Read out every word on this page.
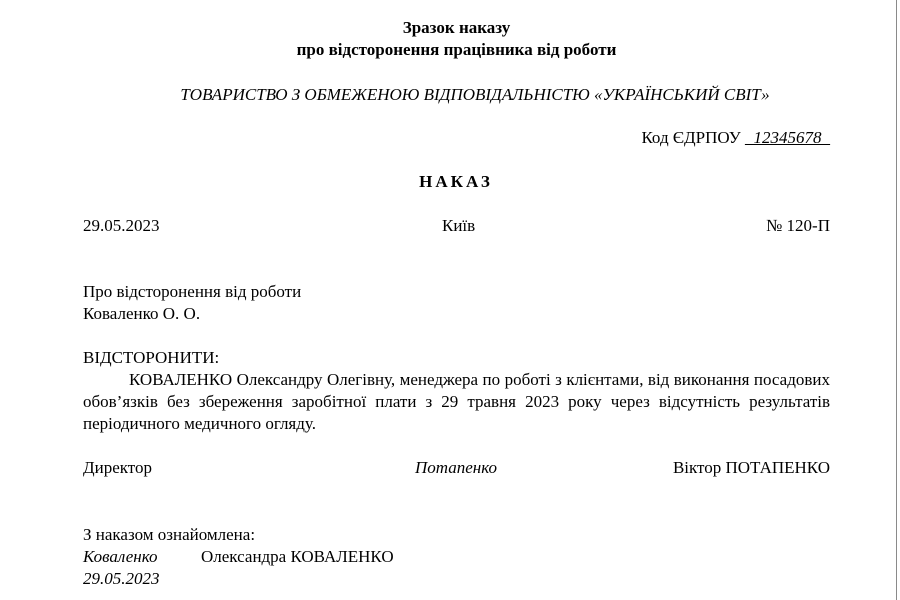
Зразок наказу
про відсторонення працівника від роботи
ТОВАРИСТВО З ОБМЕЖЕНОЮ ВІДПОВІДАЛЬНІСТЮ «УКРАЇНСЬКИЙ СВІТ»
Код ЄДРПОУ _12345678_
НАКАЗ
29.05.2023	Київ	№ 120-П
Про відсторонення від роботи
Коваленко О. О.
ВІДСТОРОНИТИ:
КОВАЛЕНКО Олександру Олегівну, менеджера по роботі з клієнтами, від виконання посадових обов’язків без збереження заробітної плати з 29 травня 2023 року через відсутність результатів періодичного медичного огляду.
Директор	Потапенко	Віктор ПОТАПЕНКО
З наказом ознайомлена:
Коваленко	Олександра КОВАЛЕНКО
29.05.2023
